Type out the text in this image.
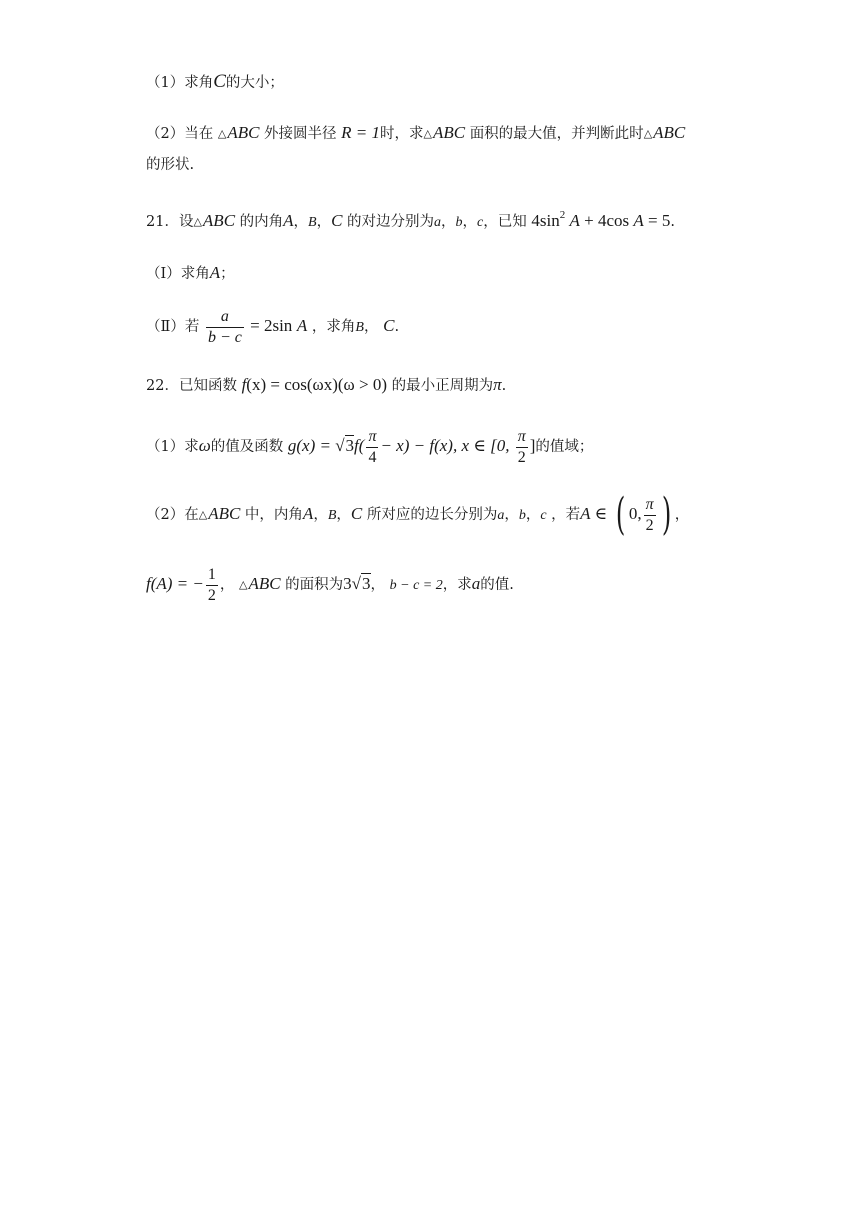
（1）求角C的大小；
（2）当在 △ABC 外接圆半径 R = 1时，求△ABC 面积的最大值，并判断此时△ABC
的形状.
21．设△ABC 的内角A，B，C 的对边分别为a，b，c，已知 $4\sin^2$ A + 4cos A = 5.
（Ⅰ）求角A；
（Ⅱ）若 $\frac{a}{b - c} = 2\sin$ A ，求角B， C.
22．已知函数 f(x) = cos(ωx)(ω > 0) 的最小正周期为π.
（1）求ω的值及函数 $g(x) = √3f( \frac{\pi}{4} - x) - f(x)$, x ∈ [0, $\frac{\pi}{2}$ ]的值域；
（2）在△ABC 中，内角A，B，C 所对应的边长分别为a，b，c ，若A ∈ ( 0, $\frac{\pi}{2}$ ) ，
f(A) = − $\frac{1}{2}$ ， △ABC 的面积为3√3， b − c = 2，求a的值.
